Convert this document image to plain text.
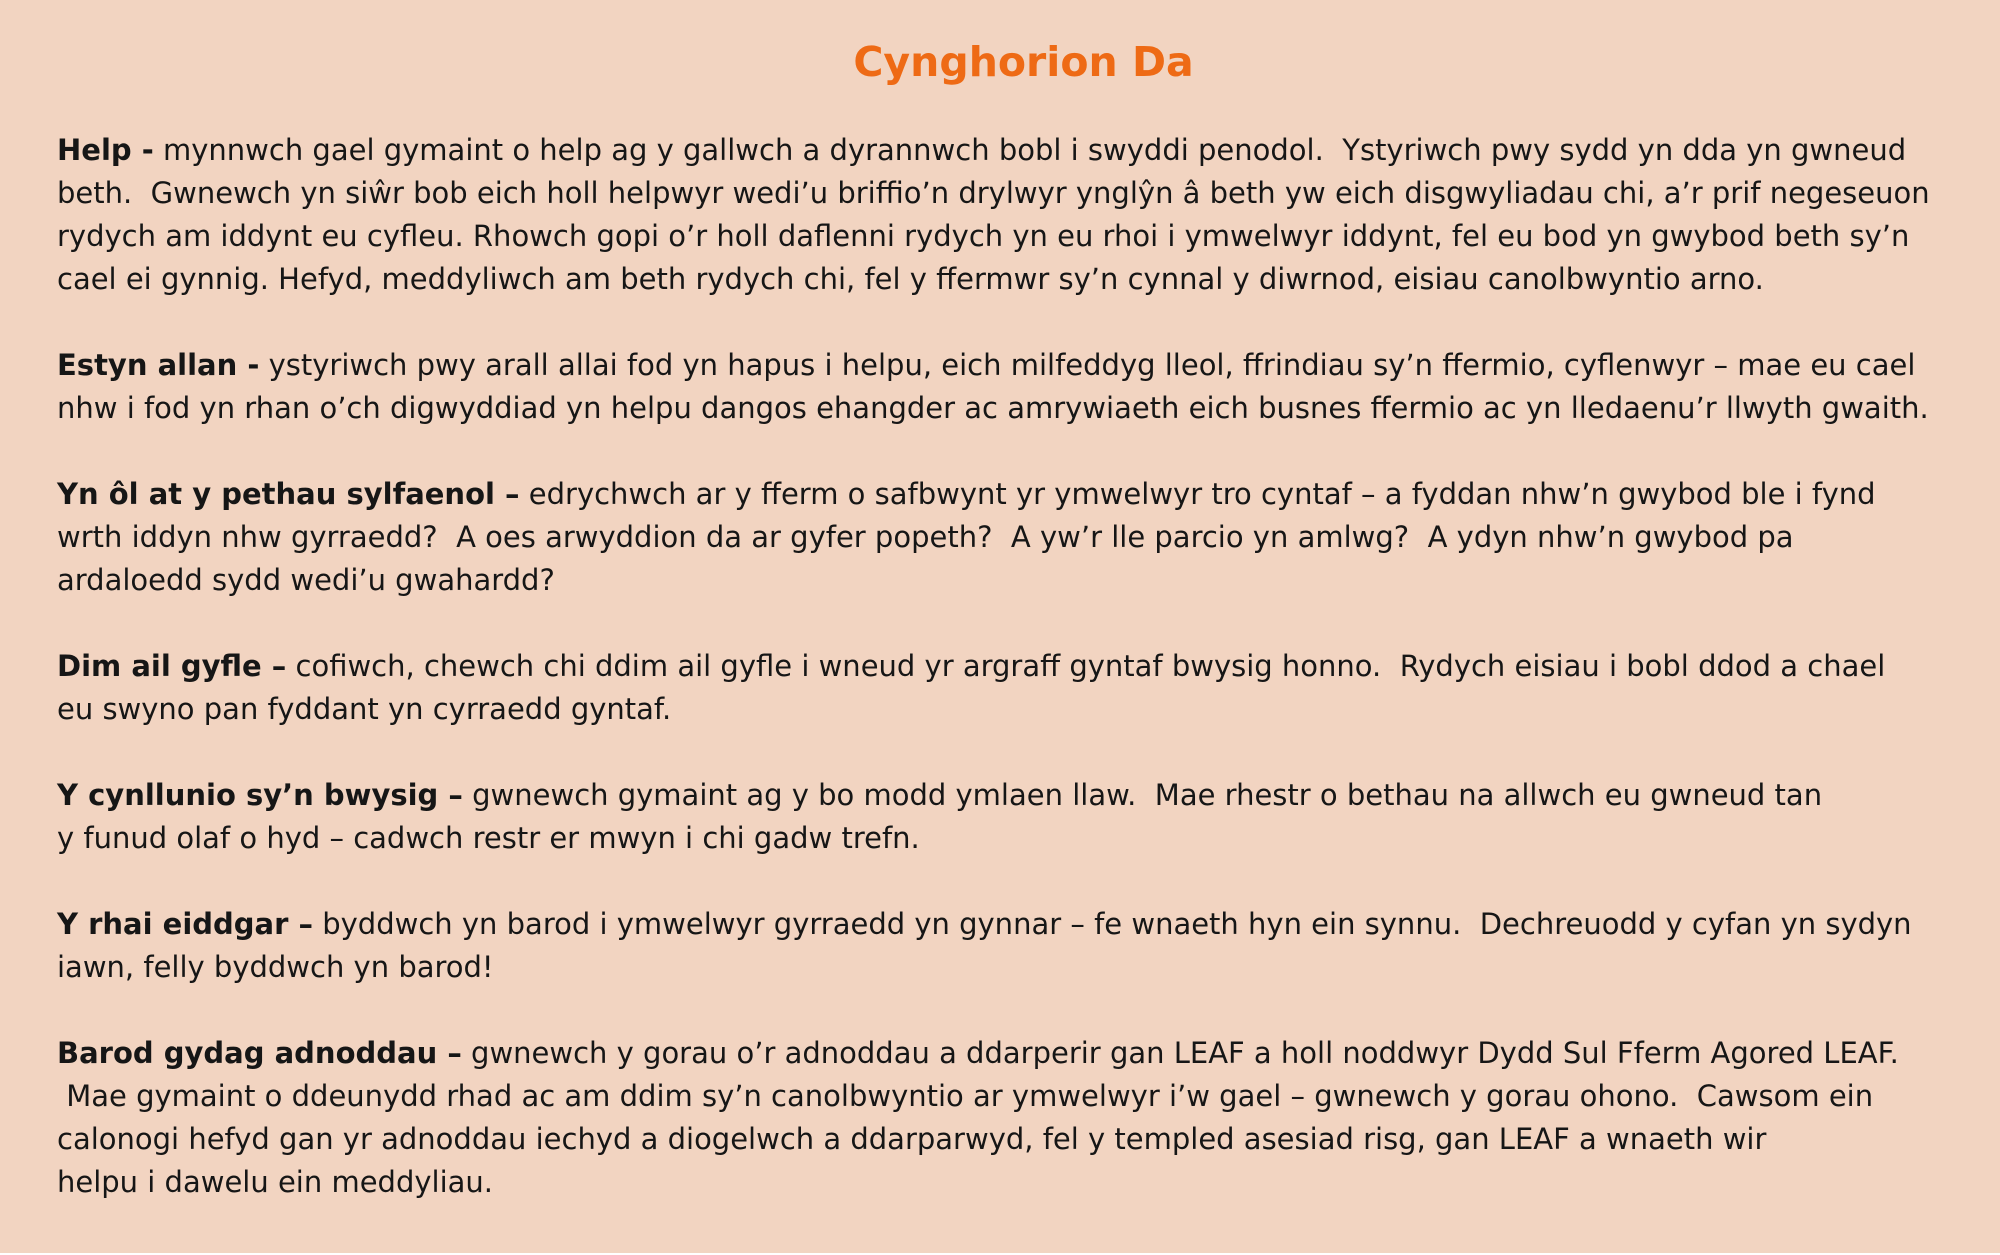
Cynghorion Da
Help - mynnwch gael gymaint o help ag y gallwch a dyrannwch bobl i swyddi penodol.  Ystyriwch pwy sydd yn dda yn gwneud
beth.  Gwnewch yn siŵr bob eich holl helpwyr wedi’u briffio’n drylwyr ynglŷn â beth yw eich disgwyliadau chi, a’r prif negeseuon
rydych am iddynt eu cyfleu. Rhowch gopi o’r holl daflenni rydych yn eu rhoi i ymwelwyr iddynt, fel eu bod yn gwybod beth sy’n
cael ei gynnig. Hefyd, meddyliwch am beth rydych chi, fel y ffermwr sy’n cynnal y diwrnod, eisiau canolbwyntio arno.
Estyn allan - ystyriwch pwy arall allai fod yn hapus i helpu, eich milfeddyg lleol, ffrindiau sy’n ffermio, cyflenwyr – mae eu cael
nhw i fod yn rhan o’ch digwyddiad yn helpu dangos ehangder ac amrywiaeth eich busnes ffermio ac yn lledaenu’r llwyth gwaith.
Yn ôl at y pethau sylfaenol – edrychwch ar y fferm o safbwynt yr ymwelwyr tro cyntaf – a fyddan nhw’n gwybod ble i fynd
wrth iddyn nhw gyrraedd?  A oes arwyddion da ar gyfer popeth?  A yw’r lle parcio yn amlwg?  A ydyn nhw’n gwybod pa
ardaloedd sydd wedi’u gwahardd?
Dim ail gyfle – cofiwch, chewch chi ddim ail gyfle i wneud yr argraff gyntaf bwysig honno.  Rydych eisiau i bobl ddod a chael
eu swyno pan fyddant yn cyrraedd gyntaf.
Y cynllunio sy’n bwysig – gwnewch gymaint ag y bo modd ymlaen llaw.  Mae rhestr o bethau na allwch eu gwneud tan
y funud olaf o hyd – cadwch restr er mwyn i chi gadw trefn.
Y rhai eiddgar – byddwch yn barod i ymwelwyr gyrraedd yn gynnar – fe wnaeth hyn ein synnu.  Dechreuodd y cyfan yn sydyn
iawn, felly byddwch yn barod!
Barod gydag adnoddau – gwnewch y gorau o’r adnoddau a ddarperir gan LEAF a holl noddwyr Dydd Sul Fferm Agored LEAF.
Mae gymaint o ddeunydd rhad ac am ddim sy’n canolbwyntio ar ymwelwyr i’w gael – gwnewch y gorau ohono.  Cawsom ein
calonogi hefyd gan yr adnoddau iechyd a diogelwch a ddarparwyd, fel y templed asesiad risg, gan LEAF a wnaeth wir
helpu i dawelu ein meddyliau.
